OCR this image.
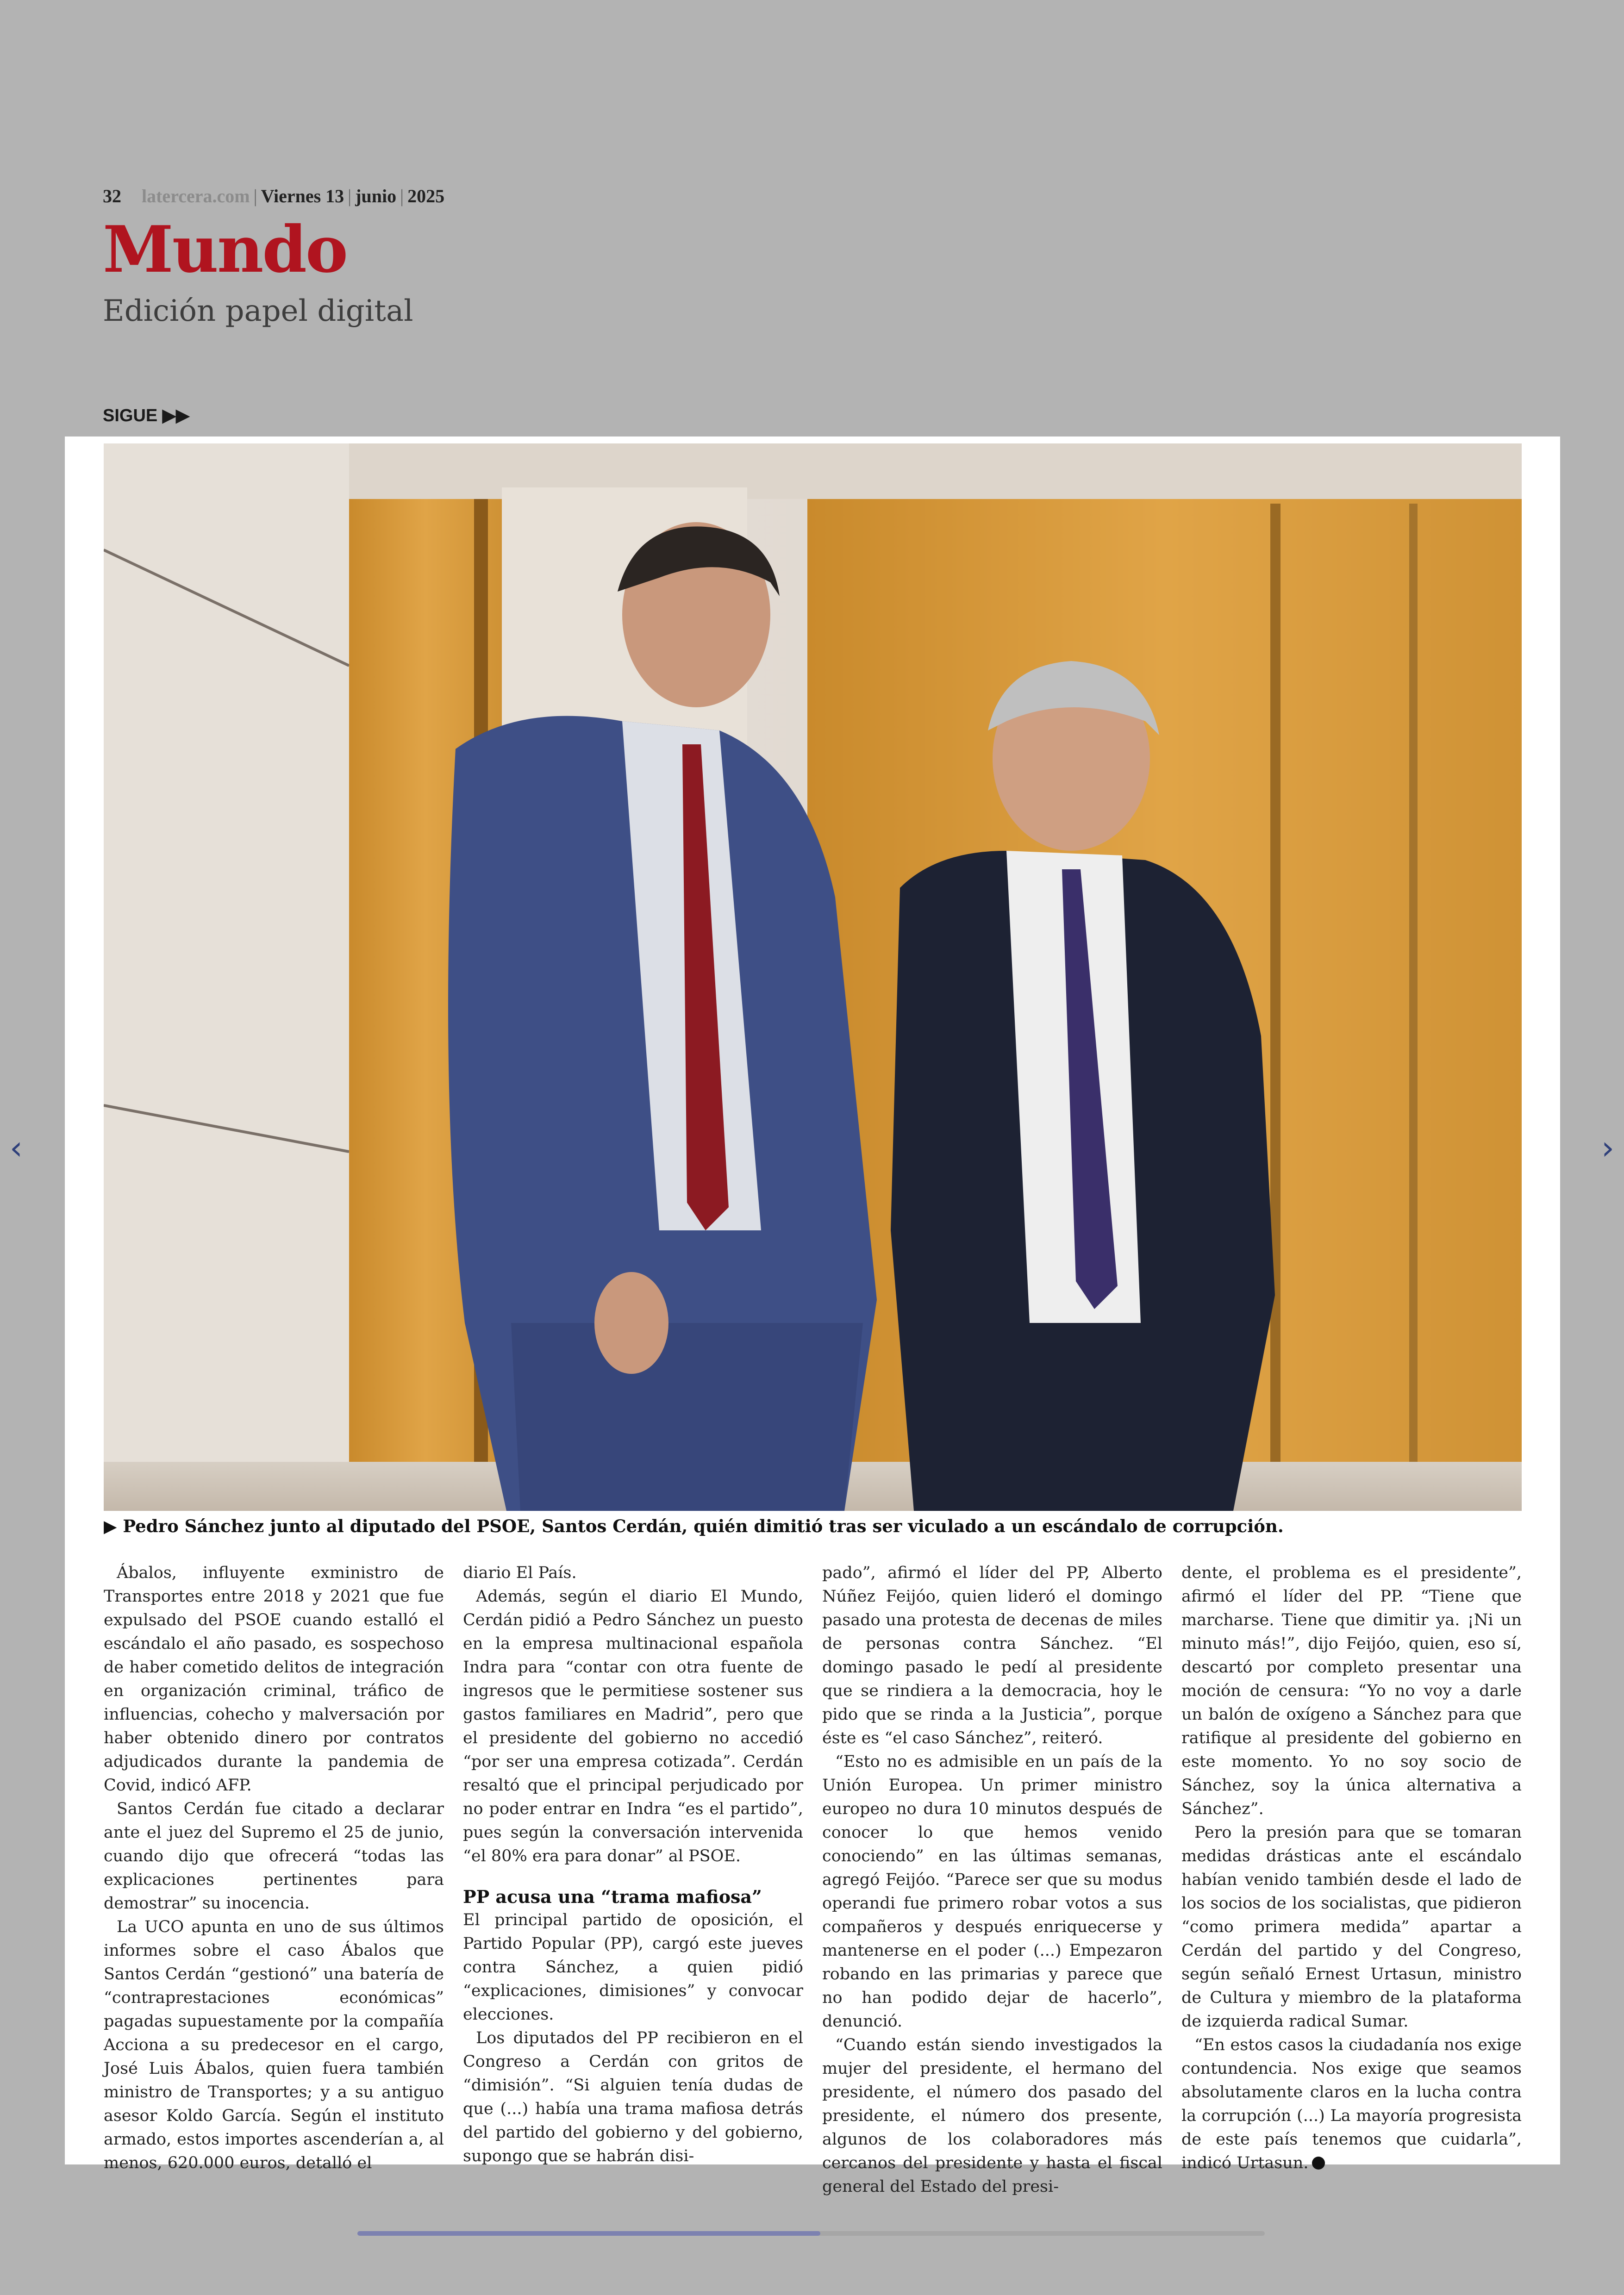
32 latercera.com | Viernes 13 | junio | 2025
Mundo
Edición papel digital
SIGUE ▶▶
▶ Pedro Sánchez junto al diputado del PSOE, Santos Cerdán, quién dimitió tras ser viculado a un escándalo de corrupción.

Ábalos, influyente exministro de Transportes entre 2018 y 2021 que fue expulsado del PSOE cuando estalló el escándalo el año pasado, es sospechoso de haber cometido delitos de integración en organización criminal, tráfico de influencias, cohecho y malversación por haber obtenido dinero por contratos adjudicados durante la pandemia de Covid, indicó AFP.

Santos Cerdán fue citado a declarar ante el juez del Supremo el 25 de junio, cuando dijo que ofrecerá “todas las explicaciones pertinentes para demostrar” su inocencia.

La UCO apunta en uno de sus últimos informes sobre el caso Ábalos que Santos Cerdán “gestionó” una batería de “contraprestaciones económicas” pagadas supuestamente por la compañía Acciona a su predecesor en el cargo, José Luis Ábalos, quien fuera también ministro de Transportes; y a su antiguo asesor Koldo García. Según el instituto armado, estos importes ascenderían a, al menos, 620.000 euros, detalló el

diario El País.

Además, según el diario El Mundo, Cerdán pidió a Pedro Sánchez un puesto en la empresa multinacional española Indra para “contar con otra fuente de ingresos que le permitiese sostener sus gastos familiares en Madrid”, pero que el presidente del gobierno no accedió “por ser una empresa cotizada”. Cerdán resaltó que el principal perjudicado por no poder entrar en Indra “es el partido”, pues según la conversación intervenida “el 80% era para donar” al PSOE.

PP acusa una “trama mafiosa”

El principal partido de oposición, el Partido Popular (PP), cargó este jueves contra Sánchez, a quien pidió “explicaciones, dimisiones” y convocar elecciones.

Los diputados del PP recibieron en el Congreso a Cerdán con gritos de “dimisión”. “Si alguien tenía dudas de que (...) había una trama mafiosa detrás del partido del gobierno y del gobierno, supongo que se habrán disi-

pado”, afirmó el líder del PP, Alberto Núñez Feijóo, quien lideró el domingo pasado una protesta de decenas de miles de personas contra Sánchez. “El domingo pasado le pedí al presidente que se rindiera a la democracia, hoy le pido que se rinda a la Justicia”, porque éste es “el caso Sánchez”, reiteró.

“Esto no es admisible en un país de la Unión Europea. Un primer ministro europeo no dura 10 minutos después de conocer lo que hemos venido conociendo” en las últimas semanas, agregó Feijóo. “Parece ser que su modus operandi fue primero robar votos a sus compañeros y después enriquecerse y mantenerse en el poder (...) Empezaron robando en las primarias y parece que no han podido dejar de hacerlo”, denunció.

“Cuando están siendo investigados la mujer del presidente, el hermano del presidente, el número dos pasado del presidente, el número dos presente, algunos de los colaboradores más cercanos del presidente y hasta el fiscal general del Estado del presi-

dente, el problema es el presidente”, afirmó el líder del PP. “Tiene que marcharse. Tiene que dimitir ya. ¡Ni un minuto más!”, dijo Feijóo, quien, eso sí, descartó por completo presentar una moción de censura: “Yo no voy a darle un balón de oxígeno a Sánchez para que ratifique al presidente del gobierno en este momento. Yo no soy socio de Sánchez, soy la única alternativa a Sánchez”.

Pero la presión para que se tomaran medidas drásticas ante el escándalo habían venido también desde el lado de los socios de los socialistas, que pidieron “como primera medida” apartar a Cerdán del partido y del Congreso, según señaló Ernest Urtasun, ministro de Cultura y miembro de la plataforma de izquierda radical Sumar.

“En estos casos la ciudadanía nos exige contundencia. Nos exige que seamos absolutamente claros en la lucha contra la corrupción (...) La mayoría progresista de este país tenemos que cuidarla”, indicó Urtasun.

‹	›
